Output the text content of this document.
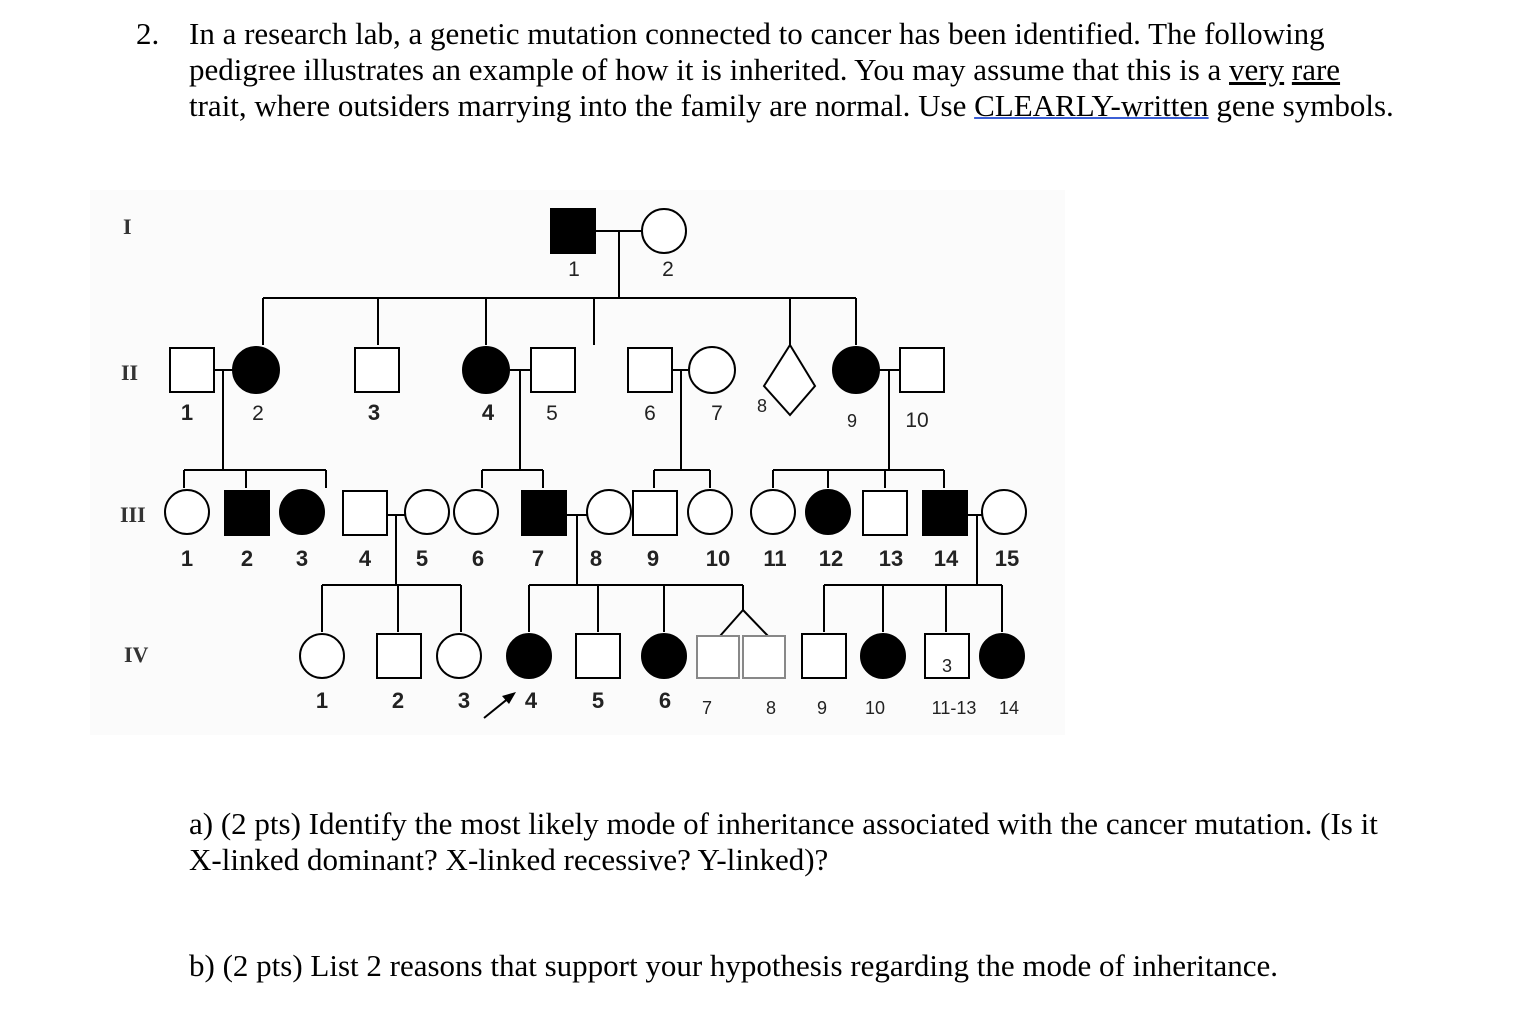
2. In a research lab, a genetic mutation connected to cancer has been identified. The following
pedigree illustrates an example of how it is inherited. You may assume that this is a very rare
trait, where outsiders marrying into the family are normal. Use CLEARLY-written gene symbols.
I
II
III
IV
1	2
1	2	3	4 5	6	7 8
9 10
1 2 3 4 5 6 7 8 9 10 11 12 13 14 15
3
1	2 3 4 5 6 7	8 9 10	11-13 14
a) (2 pts) Identify the most likely mode of inheritance associated with the cancer mutation. (Is it
X-linked dominant? X-linked recessive? Y-linked)?
b) (2 pts) List 2 reasons that support your hypothesis regarding the mode of inheritance.
